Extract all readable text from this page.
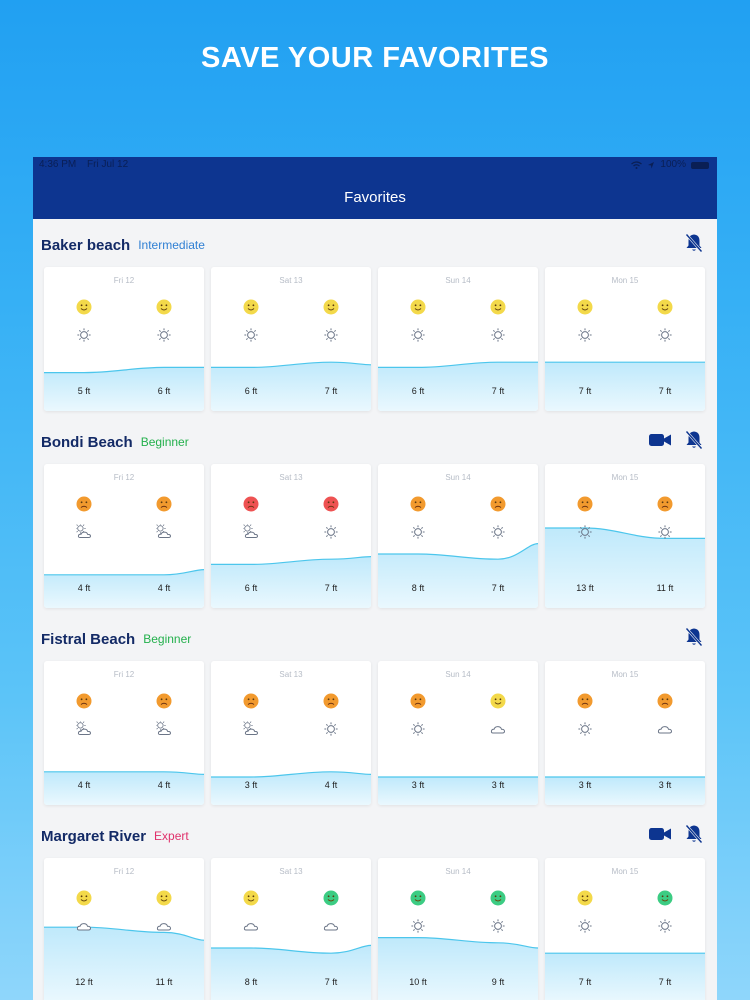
SAVE YOUR FAVORITES
4:36 PM Fri Jul 12	100%
Favorites
Baker beach Intermediate
Fri 12
5 ft	6 ft
Sat 13
6 ft	7 ft
Sun 14
6 ft	7 ft
Mon 15
7 ft	7 ft
Bondi Beach Beginner
Fri 12
4 ft	4 ft
Sat 13
6 ft	7 ft
Sun 14
8 ft	7 ft
Mon 15
13 ft	11 ft
Fistral Beach Beginner
Fri 12
4 ft	4 ft
Sat 13
3 ft	4 ft
Sun 14
3 ft	3 ft
Mon 15
3 ft	3 ft
Margaret River Expert
Fri 12
12 ft	11 ft
Sat 13
8 ft	7 ft
Sun 14
10 ft	9 ft
Mon 15
7 ft	7 ft
